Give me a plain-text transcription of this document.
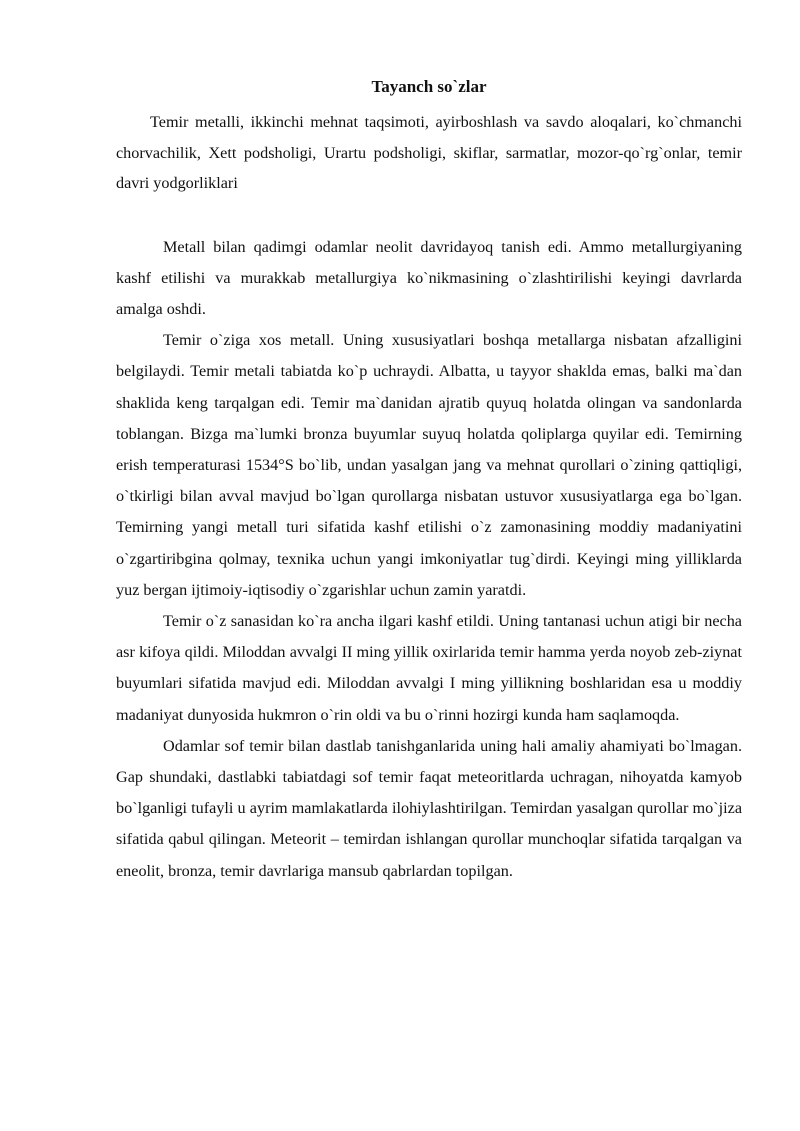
Tayanch so`zlar

Temir metalli, ikkinchi mehnat taqsimoti, ayirboshlash va savdo aloqalari, ko`chmanchi chorvachilik, Xett podsholigi, Urartu podsholigi, skiflar, sarmatlar, mozor-qo`rg`onlar, temir davri yodgorliklari

Metall bilan qadimgi odamlar neolit davridayoq tanish edi. Ammo metallurgiyaning kashf etilishi va murakkab metallurgiya ko`nikmasining o`zlashtirilishi keyingi davrlarda amalga oshdi.

Temir o`ziga xos metall. Uning xususiyatlari boshqa metallarga nisbatan afzalligini belgilaydi. Temir metali tabiatda ko`p uchraydi. Albatta, u tayyor shaklda emas, balki ma`dan shaklida keng tarqalgan edi. Temir ma`danidan ajratib quyuq holatda olingan va sandonlarda toblangan. Bizga ma`lumki bronza buyumlar suyuq holatda qoliplarga quyilar edi. Temirning erish temperaturasi 1534°S bo`lib, undan yasalgan jang va mehnat qurollari o`zining qattiqligi, o`tkirligi bilan avval mavjud bo`lgan qurollarga nisbatan ustuvor xususiyatlarga ega bo`lgan. Temirning yangi metall turi sifatida kashf etilishi o`z zamonasining moddiy madaniyatini o`zgartiribgina qolmay, texnika uchun yangi imkoniyatlar tug`dirdi. Keyingi ming yilliklarda yuz bergan ijtimoiy-iqtisodiy o`zgarishlar uchun zamin yaratdi.

Temir o`z sanasidan ko`ra ancha ilgari kashf etildi. Uning tantanasi uchun atigi bir necha asr kifoya qildi. Miloddan avvalgi II ming yillik oxirlarida temir hamma yerda noyob zeb-ziynat buyumlari sifatida mavjud edi. Miloddan avvalgi I ming yillikning boshlaridan esa u moddiy madaniyat dunyosida hukmron o`rin oldi va bu o`rinni hozirgi kunda ham saqlamoqda.

Odamlar sof temir bilan dastlab tanishganlarida uning hali amaliy ahamiyati bo`lmagan. Gap shundaki, dastlabki tabiatdagi sof temir faqat meteoritlarda uchragan, nihoyatda kamyob bo`lganligi tufayli u ayrim mamlakatlarda ilohiylashtirilgan. Temirdan yasalgan qurollar mo`jiza sifatida qabul qilingan. Meteorit – temirdan ishlangan qurollar munchoqlar sifatida tarqalgan va eneolit, bronza, temir davrlariga mansub qabrlardan topilgan.
